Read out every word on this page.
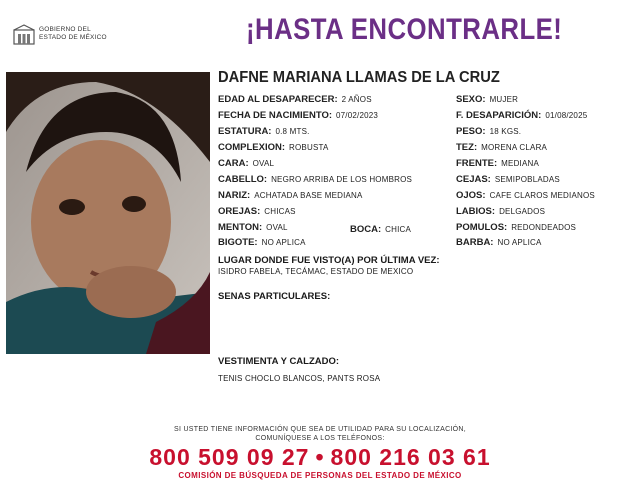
GOBIERNO DEL
ESTADO DE MÉXICO	¡HASTA ENCONTRARLE!
DAFNE MARIANA LLAMAS DE LA CRUZ
EDAD AL DESAPARECER: 2 AÑOS
FECHA DE NACIMIENTO: 07/02/2023
ESTATURA: 0.8 MTS.
COMPLEXION: ROBUSTA
CARA: OVAL
CABELLO: NEGRO ARRIBA DE LOS HOMBROS
NARIZ: ACHATADA BASE MEDIANA
OREJAS: CHICAS
MENTON: OVAL	BOCA: CHICA
BIGOTE: NO APLICA
SEXO: MUJER
F. DESAPARICIÓN: 01/08/2025
PESO: 18 KGS.
TEZ: MORENA CLARA
FRENTE: MEDIANA
CEJAS: SEMIPOBLADAS
OJOS: CAFE CLAROS MEDIANOS
LABIOS: DELGADOS
POMULOS: REDONDEADOS
BARBA: NO APLICA
LUGAR DONDE FUE VISTO(A) POR ÚLTIMA VEZ:
ISIDRO FABELA, TECÁMAC, ESTADO DE MEXICO
SENAS PARTICULARES:
VESTIMENTA Y CALZADO:
TENIS CHOCLO BLANCOS, PANTS ROSA
SI USTED TIENE INFORMACIÓN QUE SEA DE UTILIDAD PARA SU LOCALIZACIÓN,
COMUNÍQUESE A LOS TELÉFONOS:
800 509 09 27 • 800 216 03 61
COMISIÓN DE BÚSQUEDA DE PERSONAS DEL ESTADO DE MÉXICO
